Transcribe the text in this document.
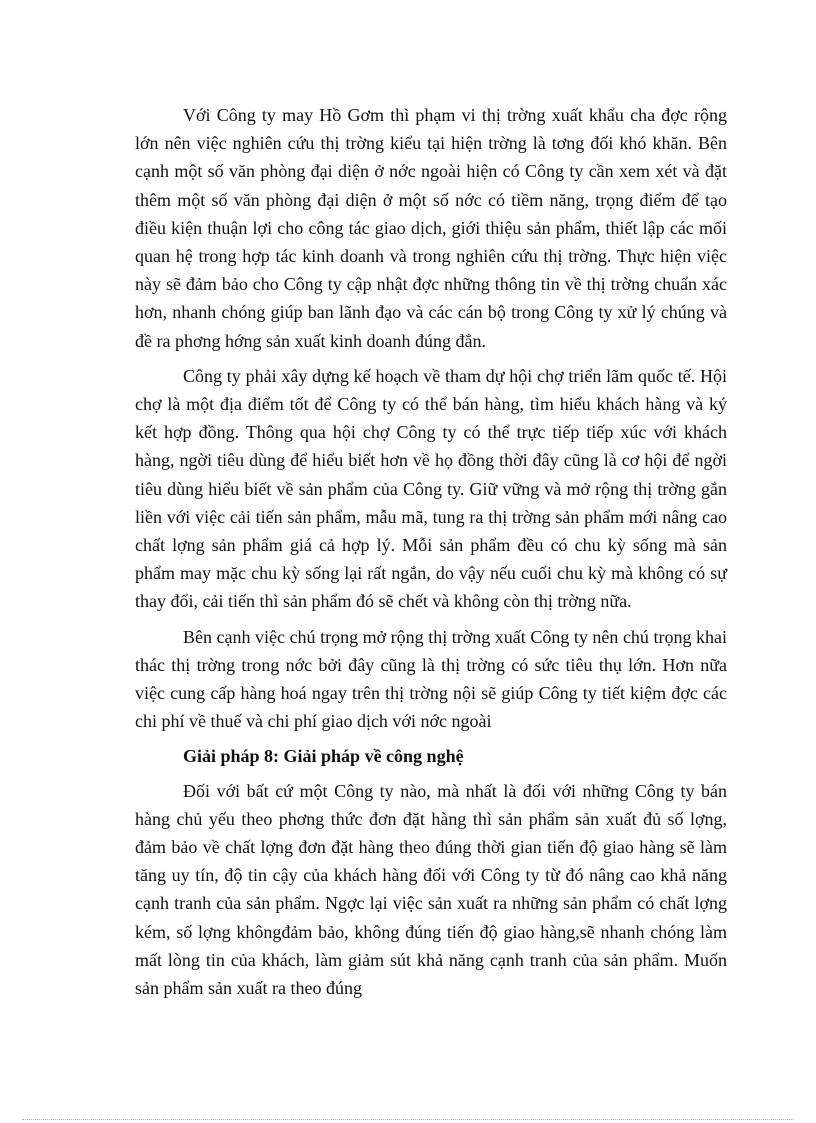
Với Công ty may Hồ Gơm thì phạm vi thị trờng xuất khẩu cha đợc rộng lớn nên việc nghiên cứu thị trờng kiểu tại hiện trờng là tơng đối khó khăn. Bên cạnh một số văn phòng đại diện ở nớc ngoài hiện có Công ty cần xem xét và đặt thêm một số văn phòng đại diện ở một số nớc có tiềm năng, trọng điểm để tạo điều kiện thuận lợi cho công tác giao dịch, giới thiệu sản phẩm, thiết lập các mối quan hệ trong hợp tác kinh doanh và trong nghiên cứu thị trờng. Thực hiện việc này sẽ đảm bảo cho Công ty cập nhật đợc những thông tin về thị trờng chuẩn xác hơn, nhanh chóng giúp ban lãnh đạo và các cán bộ trong Công ty xử lý chúng và đề ra phơng hớng sản xuất kinh doanh đúng đắn.

Công ty phải xây dựng kế hoạch về tham dự hội chợ triển lãm quốc tế. Hội chợ là một địa điểm tốt để Công ty có thể bán hàng, tìm hiểu khách hàng và ký kết hợp đồng. Thông qua hội chợ Công ty có thể trực tiếp tiếp xúc với khách hàng, ngời tiêu dùng để hiểu biết hơn về họ đồng thời đây cũng là cơ hội để ngời tiêu dùng hiểu biết về sản phẩm của Công ty. Giữ vững và mở rộng thị trờng gắn liền với việc cải tiến sản phẩm, mẫu mã, tung ra thị trờng sản phẩm mới nâng cao chất lợng sản phẩm giá cả hợp lý. Mỗi sản phẩm đều có chu kỳ sống mà sản phẩm may mặc chu kỳ sống lại rất ngắn, do vậy nếu cuối chu kỳ mà không có sự thay đổi, cải tiến thì sản phẩm đó sẽ chết và không còn thị trờng nữa.

Bên cạnh việc chú trọng mở rộng thị trờng xuất Công ty nên chú trọng khai thác thị trờng trong nớc bởi đây cũng là thị trờng có sức tiêu thụ lớn. Hơn nữa việc cung cấp hàng hoá ngay trên thị trờng nội sẽ giúp Công ty tiết kiệm đợc các chi phí về thuế và chi phí giao dịch với nớc ngoài

Giải pháp 8: Giải pháp về công nghệ

Đối với bất cứ một Công ty nào, mà nhất là đối với những Công ty bán hàng chủ yếu theo phơng thức đơn đặt hàng thì sản phẩm sản xuất đủ số lợng, đảm bảo về chất lợng đơn đặt hàng theo đúng thời gian tiến độ giao hàng sẽ làm tăng uy tín, độ tin cậy của khách hàng đối với Công ty từ đó nâng cao khả năng cạnh tranh của sản phẩm. Ngợc lại việc sản xuất ra những sản phẩm có chất lợng kém, số lợng khôngđảm bảo, không đúng tiến độ giao hàng,sẽ nhanh chóng làm mất lòng tin của khách, làm giảm sút khả năng cạnh tranh của sản phẩm. Muốn sản phẩm sản xuất ra theo đúng
